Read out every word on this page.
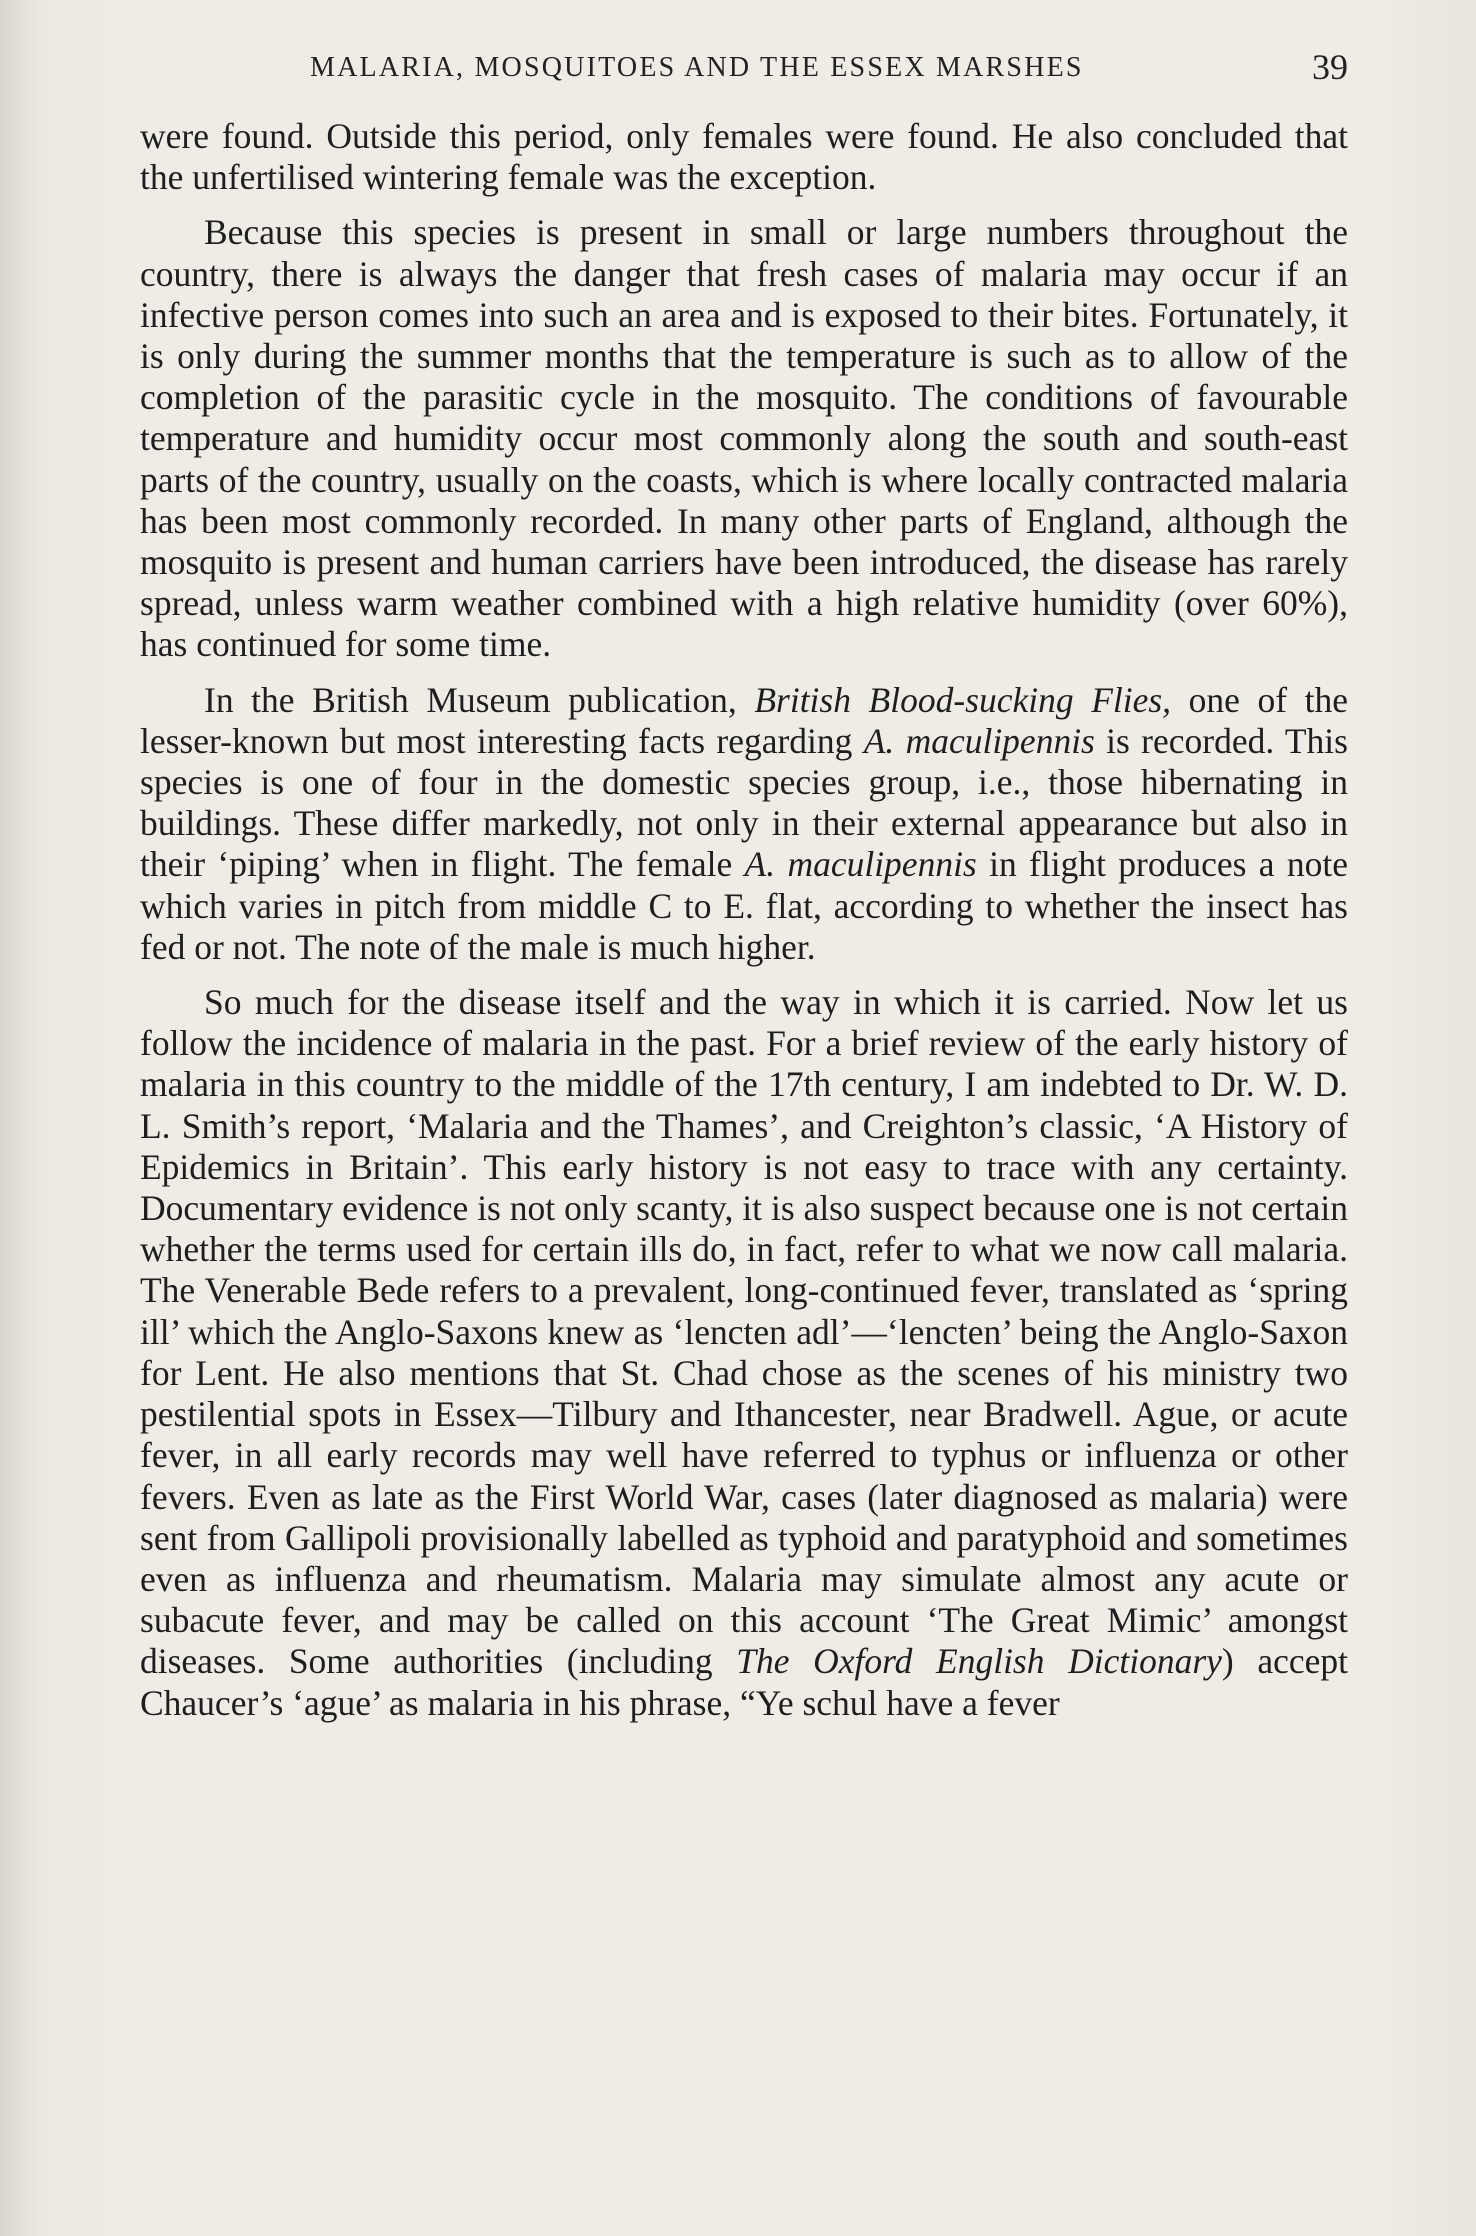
MALARIA, MOSQUITOES AND THE ESSEX MARSHES	39

were found. Outside this period, only females were found. He also concluded that the unfertilised wintering female was the exception.

Because this species is present in small or large numbers throughout the country, there is always the danger that fresh cases of malaria may occur if an infective person comes into such an area and is exposed to their bites. Fortunately, it is only during the summer months that the temperature is such as to allow of the completion of the parasitic cycle in the mosquito. The conditions of favourable temperature and humidity occur most commonly along the south and south-east parts of the country, usually on the coasts, which is where locally contracted malaria has been most commonly recorded. In many other parts of England, although the mosquito is present and human carriers have been introduced, the disease has rarely spread, unless warm weather combined with a high relative humidity (over 60%), has continued for some time.

In the British Museum publication, British Blood-sucking Flies, one of the lesser-known but most interesting facts regarding A. maculipennis is recorded. This species is one of four in the domestic species group, i.e., those hibernating in buildings. These differ markedly, not only in their external appearance but also in their ‘piping’ when in flight. The female A. maculipennis in flight produces a note which varies in pitch from middle C to E. flat, according to whether the insect has fed or not. The note of the male is much higher.

So much for the disease itself and the way in which it is carried. Now let us follow the incidence of malaria in the past. For a brief review of the early history of malaria in this country to the middle of the 17th century, I am indebted to Dr. W. D. L. Smith’s report, ‘Malaria and the Thames’, and Creighton’s classic, ‘A History of Epidemics in Britain’. This early history is not easy to trace with any certainty. Documentary evidence is not only scanty, it is also suspect because one is not certain whether the terms used for certain ills do, in fact, refer to what we now call malaria. The Venerable Bede refers to a prevalent, long-continued fever, translated as ‘spring ill’ which the Anglo-Saxons knew as ‘lencten adl’—‘lencten’ being the Anglo-Saxon for Lent. He also mentions that St. Chad chose as the scenes of his ministry two pestilential spots in Essex—Tilbury and Ithancester, near Bradwell. Ague, or acute fever, in all early records may well have referred to typhus or influenza or other fevers. Even as late as the First World War, cases (later diagnosed as malaria) were sent from Gallipoli provisionally labelled as typhoid and paratyphoid and sometimes even as influenza and rheumatism. Malaria may simulate almost any acute or subacute fever, and may be called on this account ‘The Great Mimic’ amongst diseases. Some authorities (including The Oxford English Dictionary) accept Chaucer’s ‘ague’ as malaria in his phrase, “Ye schul have a fever
